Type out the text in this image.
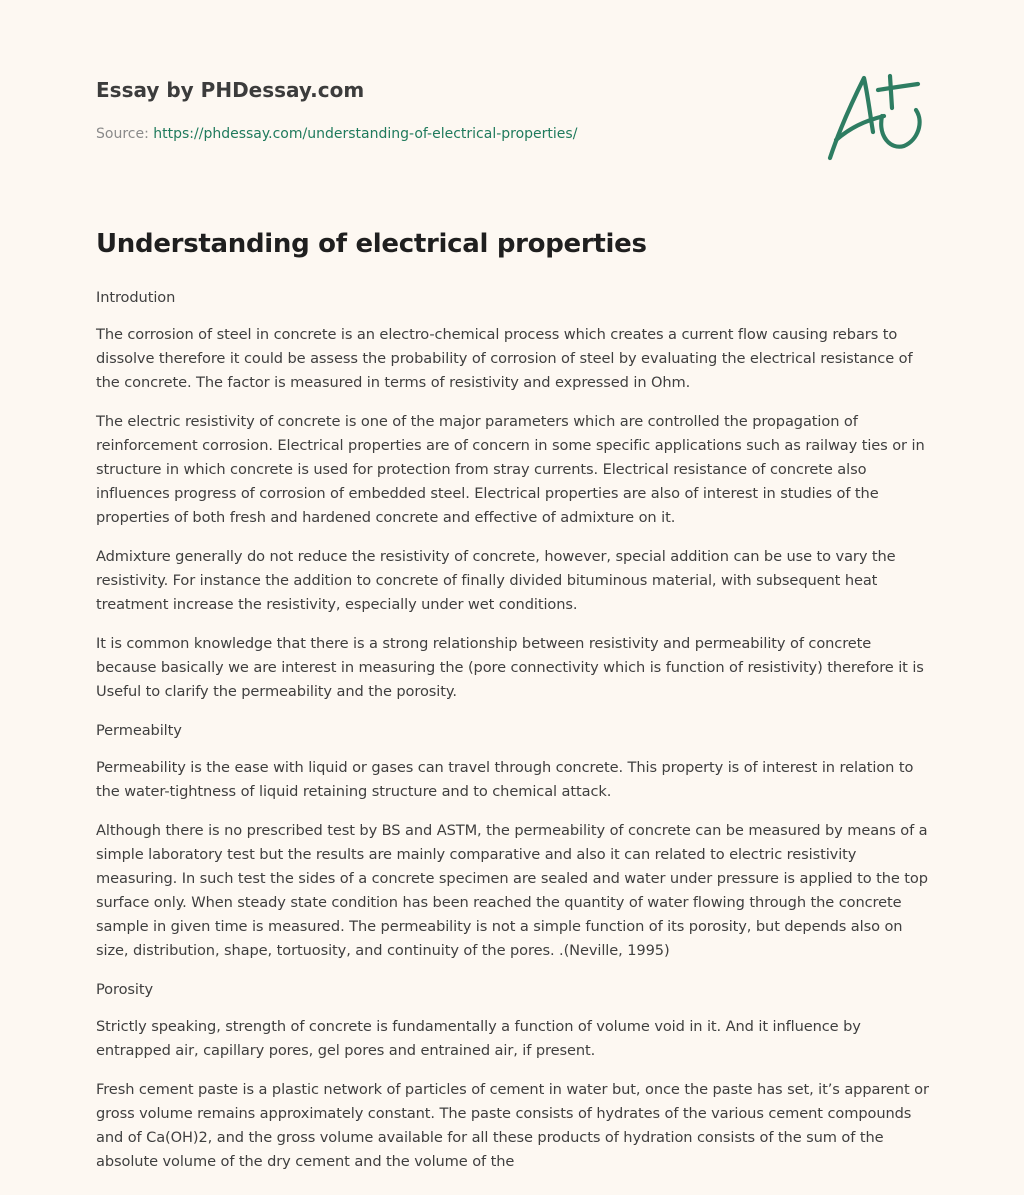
Essay by PHDessay.com
Source: https://phdessay.com/understanding-of-electrical-properties/
Understanding of electrical properties

Introdution

The corrosion of steel in concrete is an electro-chemical process which creates a current flow causing rebars to dissolve therefore it could be assess the probability of corrosion of steel by evaluating the electrical resistance of the concrete. The factor is measured in terms of resistivity and expressed in Ohm.

The electric resistivity of concrete is one of the major parameters which are controlled the propagation of reinforcement corrosion. Electrical properties are of concern in some specific applications such as railway ties or in structure in which concrete is used for protection from stray currents. Electrical resistance of concrete also influences progress of corrosion of embedded steel. Electrical properties are also of interest in studies of the properties of both fresh and hardened concrete and effective of admixture on it.

Admixture generally do not reduce the resistivity of concrete, however, special addition can be use to vary the resistivity. For instance the addition to concrete of finally divided bituminous material, with subsequent heat treatment increase the resistivity, especially under wet conditions.

It is common knowledge that there is a strong relationship between resistivity and permeability of concrete because basically we are interest in measuring the (pore connectivity which is function of resistivity) therefore it is Useful to clarify the permeability and the porosity.

Permeabilty

Permeability is the ease with liquid or gases can travel through concrete. This property is of interest in relation to the water-tightness of liquid retaining structure and to chemical attack.

Although there is no prescribed test by BS and ASTM, the permeability of concrete can be measured by means of a simple laboratory test but the results are mainly comparative and also it can related to electric resistivity measuring. In such test the sides of a concrete specimen are sealed and water under pressure is applied to the top surface only. When steady state condition has been reached the quantity of water flowing through the concrete sample in given time is measured. The permeability is not a simple function of its porosity, but depends also on size, distribution, shape, tortuosity, and continuity of the pores. .(Neville, 1995)

Porosity

Strictly speaking, strength of concrete is fundamentally a function of volume void in it. And it influence by entrapped air, capillary pores, gel pores and entrained air, if present.

Fresh cement paste is a plastic network of particles of cement in water but, once the paste has set, it’s apparent or gross volume remains approximately constant. The paste consists of hydrates of the various cement compounds and of Ca(OH)2, and the gross volume available for all these products of hydration consists of the sum of the absolute volume of the dry cement and the volume of the
